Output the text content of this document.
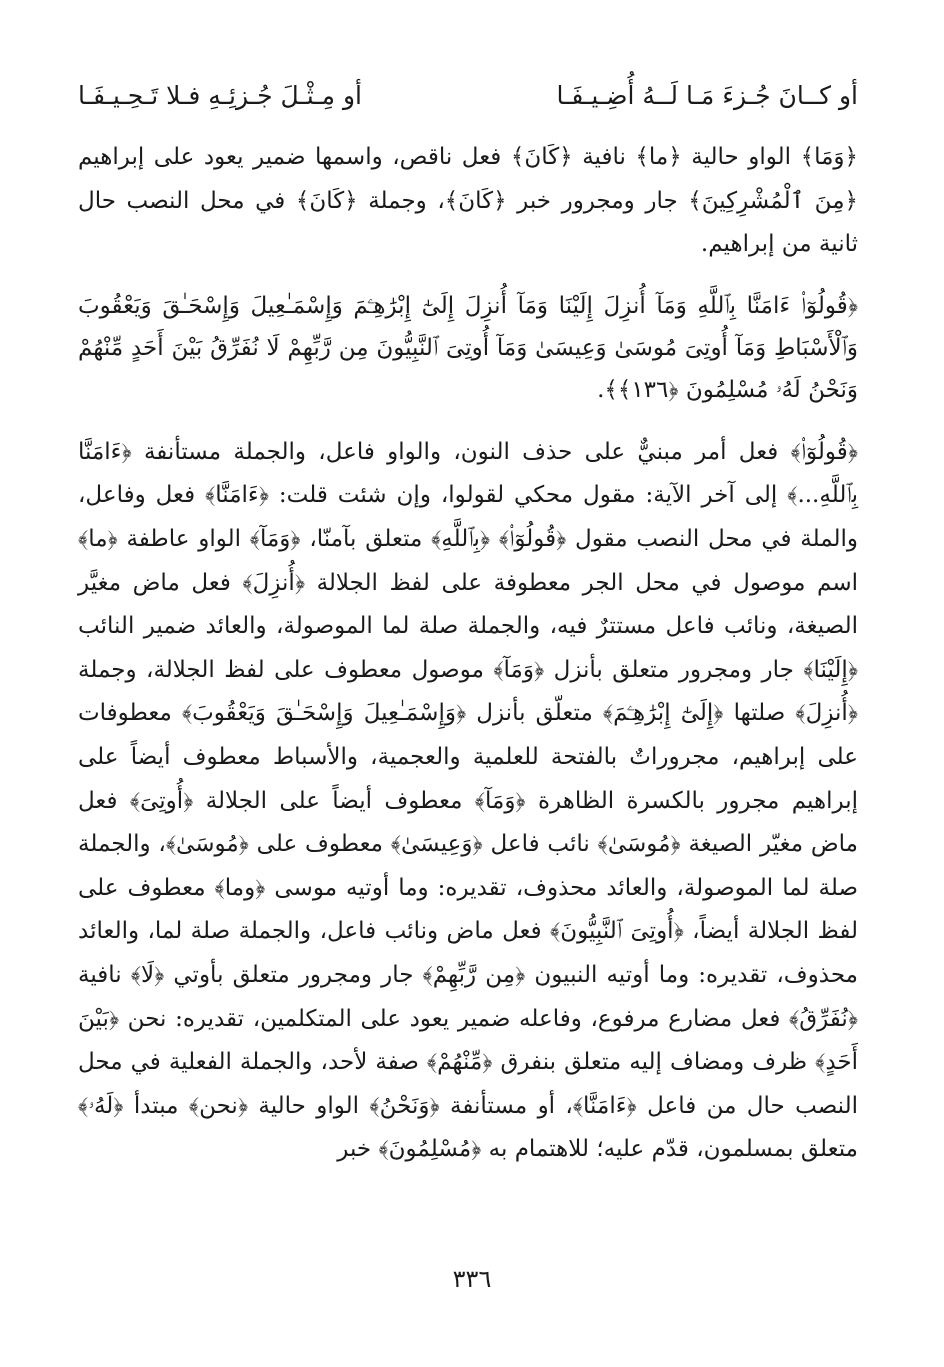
أو كــانَ جُـزءَ مَـا لَــهُ أُضِـيـفَـا
أو مِـثْـلَ جُـزئِـهِ فـلا تَـحِـيـفَـا

﴿وَمَا﴾ الواو حالية ﴿ما﴾ نافية ﴿كَانَ﴾ فعل ناقص، واسمها ضمير يعود على إبراهيم ﴿مِنَ ٱلْمُشْرِكِينَ﴾ جار ومجرور خبر ﴿كَانَ﴾، وجملة ﴿كَانَ﴾ في محل النصب حال ثانية من إبراهيم.

﴿قُولُوٓا۟ ءَامَنَّا بِٱللَّهِ وَمَآ أُنزِلَ إِلَيْنَا وَمَآ أُنزِلَ إِلَىٰٓ إِبْرَٰهِـۧمَ وَإِسْمَـٰعِيلَ وَإِسْحَـٰقَ وَيَعْقُوبَ وَٱلْأَسْبَاطِ وَمَآ أُوتِىَ مُوسَىٰ وَعِيسَىٰ وَمَآ أُوتِىَ ٱلنَّبِيُّونَ مِن رَّبِّهِمْ لَا نُفَرِّقُ بَيْنَ أَحَدٍ مِّنْهُمْ وَنَحْنُ لَهُۥ مُسْلِمُونَ ﴿١٣٦﴾﴾.

﴿قُولُوٓا۟﴾ فعل أمر مبنيٌّ على حذف النون، والواو فاعل، والجملة مستأنفة ﴿ءَامَنَّا بِٱللَّهِ...﴾ إلى آخر الآية: مقول محكي لقولوا، وإن شئت قلت: ﴿ءَامَنَّا﴾ فعل وفاعل، والملة في محل النصب مقول ﴿قُولُوٓا۟﴾ ﴿بِٱللَّهِ﴾ متعلق بآمنّا، ﴿وَمَآ﴾ الواو عاطفة ﴿ما﴾ اسم موصول في محل الجر معطوفة على لفظ الجلالة ﴿أُنزِلَ﴾ فعل ماض مغيَّر الصيغة، ونائب فاعل مستترٌ فيه، والجملة صلة لما الموصولة، والعائد ضمير النائب ﴿إِلَيْنَا﴾ جار ومجرور متعلق بأنزل ﴿وَمَآ﴾ موصول معطوف على لفظ الجلالة، وجملة ﴿أُنزِلَ﴾ صلتها ﴿إِلَىٰٓ إِبْرَٰهِـۧمَ﴾ متعلّق بأنزل ﴿وَإِسْمَـٰعِيلَ وَإِسْحَـٰقَ وَيَعْقُوبَ﴾ معطوفات على إبراهيم، مجروراتٌ بالفتحة للعلمية والعجمية، والأسباط معطوف أيضاً على إبراهيم مجرور بالكسرة الظاهرة ﴿وَمَآ﴾ معطوف أيضاً على الجلالة ﴿أُوتِىَ﴾ فعل ماض مغيّر الصيغة ﴿مُوسَىٰ﴾ نائب فاعل ﴿وَعِيسَىٰ﴾ معطوف على ﴿مُوسَىٰ﴾، والجملة صلة لما الموصولة، والعائد محذوف، تقديره: وما أوتيه موسى ﴿وما﴾ معطوف على لفظ الجلالة أيضاً، ﴿أُوتِىَ ٱلنَّبِيُّونَ﴾ فعل ماض ونائب فاعل، والجملة صلة لما، والعائد محذوف، تقديره: وما أوتيه النبيون ﴿مِن رَّبِّهِمْ﴾ جار ومجرور متعلق بأوتي ﴿لَا﴾ نافية ﴿نُفَرِّقُ﴾ فعل مضارع مرفوع، وفاعله ضمير يعود على المتكلمين، تقديره: نحن ﴿بَيْنَ أَحَدٍ﴾ ظرف ومضاف إليه متعلق بنفرق ﴿مِّنْهُمْ﴾ صفة لأحد، والجملة الفعلية في محل النصب حال من فاعل ﴿ءَامَنَّا﴾، أو مستأنفة ﴿وَنَحْنُ﴾ الواو حالية ﴿نحن﴾ مبتدأ ﴿لَهُۥ﴾ متعلق بمسلمون، قدّم عليه؛ للاهتمام به ﴿مُسْلِمُونَ﴾ خبر

٣٣٦
